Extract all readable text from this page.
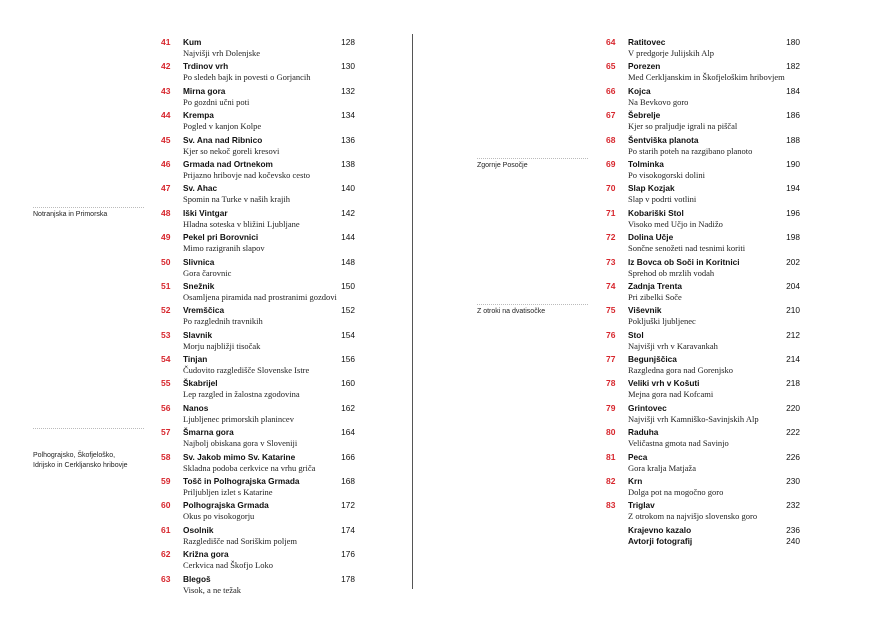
Notranjska in Primorska

Polhograjsko, Škofjeloško,
Idrijsko in Cerkljansko hribovje

Zgornje Posočje
Z otroki na dvatisočke
41 Kum
Najvišji vrh Dolenjske
128
42 Trdinov vrh
Po sledeh bajk in povesti o Gorjancih
130
43 Mirna gora
Po gozdni učni poti
132
44 Krempa
Pogled v kanjon Kolpe
134
45 Sv. Ana nad Ribnico
Kjer so nekoč goreli kresovi
136
46 Grmada nad Ortnekom
Prijazno hribovje nad kočevsko cesto
138
47 Sv. Ahac
Spomin na Turke v naših krajih
140
48 Iški Vintgar
Hladna soteska v bližini Ljubljane
142
49 Pekel pri Borovnici
Mimo razigranih slapov
144
50 Slivnica
Gora čarovnic
148
51 Snežnik
Osamljena piramida nad prostranimi gozdovi
150
52 Vremščica
Po razglednih travnikih
152
53 Slavnik
Morju najbližji tisočak
154
54 Tinjan
Čudovito razgledišče Slovenske Istre
156
55 Škabrijel
Lep razgled in žalostna zgodovina
160
56 Nanos
Ljubljenec primorskih planincev
162
57 Šmarna gora
Najbolj obiskana gora v Sloveniji
164
58 Sv. Jakob mimo Sv. Katarine
Skladna podoba cerkvice na vrhu griča
166
59 Tošč in Polhograjska Grmada
Priljubljen izlet s Katarine
168
60 Polhograjska Grmada
Okus po visokogorju
172
61 Osolnik
Razgledišče nad Soriškim poljem
174
62 Križna gora
Cerkvica nad Škofjo Loko
176
63 Blegoš
Visok, a ne težak
178
64 Ratitovec
V predgorje Julijskih Alp
180
65 Porezen
Med Cerkljanskim in Škofjeloškim hribovjem
182
66 Kojca
Na Bevkovo goro
184
67 Šebrelje
Kjer so praljudje igrali na piščal
186
68 Šentviška planota
Po starih poteh na razgibano planoto
188
69 Tolminka
Po visokogorski dolini
190
70 Slap Kozjak
Slap v podrti votlini
194
71 Kobariški Stol
Visoko med Učjo in Nadižo
196
72 Dolina Učje
Sončne senožeti nad tesnimi koriti
198
73 Iz Bovca ob Soči in Koritnici
Sprehod ob mrzlih vodah
202
74 Zadnja Trenta
Pri zibelki Soče
204
75 Viševnik
Pokljuški ljubljenec
210
76 Stol
Najvišji vrh v Karavankah
212
77 Begunjščica
Razgledna gora nad Gorenjsko
214
78 Veliki vrh v Košuti
Mejna gora nad Kofcami
218
79 Grintovec
Najvišji vrh Kamniško-Savinjskih Alp
220
80 Raduha
Veličastna gmota nad Savinjo
222
81 Peca
Gora kralja Matjaža
226
82 Krn
Dolga pot na mogočno goro
230
83 Triglav
Z otrokom na najvišjo slovensko goro
232
Krajevno kazalo	236
Avtorji fotografij	240
